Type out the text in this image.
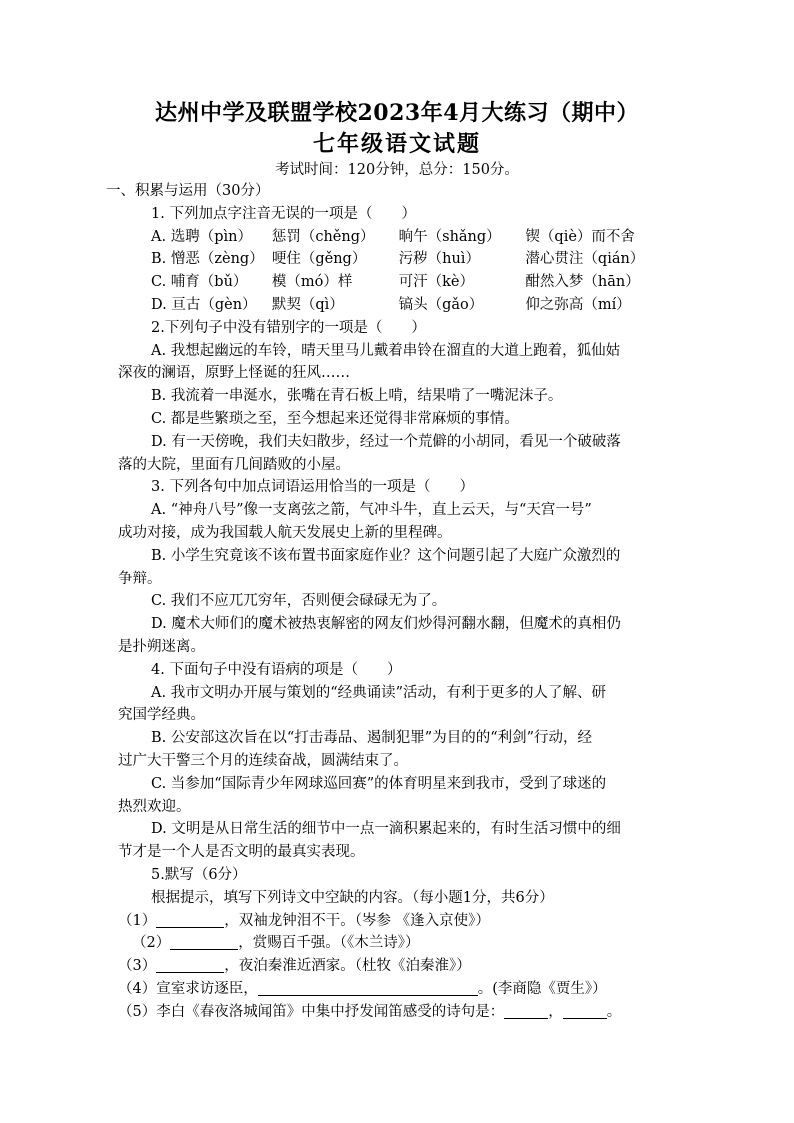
达州中学及联盟学校2023年4月大练习（期中）
七年级语文试题
考试时间：120分钟，总分：150分。
一、积累与运用（30分）
1. 下列加点字注音无误的一项是（　　）
A. 选聘（pìn）	惩罚（chěng）	晌午（shǎng）	锲（qiè）而不舍
B. 憎恶（zèng） 哽住（gěng）	污秽（huì）	潜心贯注（qián）
C. 哺育（bǔ）	模（mó）样	可汗（kè）	酣然入梦（hān）
D. 亘古（gèn）	默契（qì）	镐头（gǎo）	仰之弥高（mí）
2.下列句子中没有错别字的一项是（　　）
A. 我想起幽远的车铃，晴天里马儿戴着串铃在溜直的大道上跑着，狐仙姑
深夜的澜语，原野上怪诞的狂风……
B. 我流着一串涎水，张嘴在青石板上啃，结果啃了一嘴泥沫子。
C. 都是些繁琐之至，至今想起来还觉得非常麻烦的事情。
D. 有一天傍晚，我们夫妇散步，经过一个荒僻的小胡同，看见一个破破落
落的大院，里面有几间踏败的小屋。
3. 下列各句中加点词语运用恰当的一项是（　　）
A. “神舟八号”像一支离弦之箭，气冲斗牛，直上云天，与“天宫一号”
成功对接，成为我国载人航天发展史上新的里程碑。
B. 小学生究竟该不该布置书面家庭作业？这个问题引起了大庭广众激烈的
争辩。
C. 我们不应兀兀穷年，否则便会碌碌无为了。
D. 魔术大师们的魔术被热衷解密的网友们炒得河翻水翻，但魔术的真相仍
是扑朔迷离。
4. 下面句子中没有语病的项是（　　）
A. 我市文明办开展与策划的“经典诵读”活动，有利于更多的人了解、研
究国学经典。
B. 公安部这次旨在以“打击毒品、遏制犯罪”为目的的“利剑”行动，经
过广大干警三个月的连续奋战，圆满结束了。
C. 当参加“国际青少年网球巡回赛”的体育明星来到我市，受到了球迷的
热烈欢迎。
D. 文明是从日常生活的细节中一点一滴积累起来的，有时生活习惯中的细
节才是一个人是否文明的最真实表现。
5.默写（6分）
根据提示，填写下列诗文中空缺的内容。（每小题1分，共6分）
（1）	，双袖龙钟泪不干。（岑参 《逢入京使》）
（2）	，赏赐百千强。（《木兰诗》）
（3）	，夜泊秦淮近酒家。（杜牧《泊秦淮》）
（4）宣室求访逐臣，	。(李商隐《贾生》）
（5）李白《春夜洛城闻笛》中集中抒发闻笛感受的诗句是：	，	。
